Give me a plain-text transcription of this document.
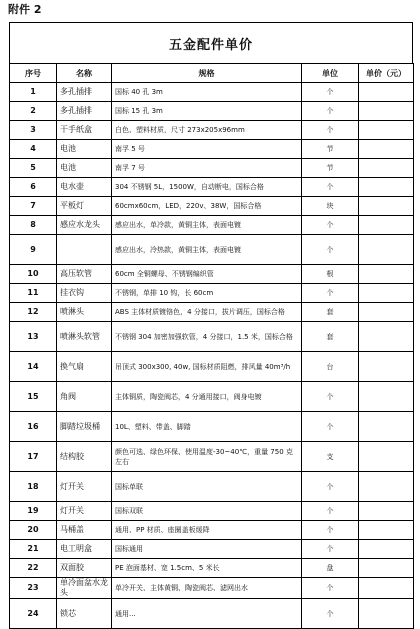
附件 2
五金配件单价
序号	名称	规格	单位	单价（元）
1	多孔插排	国标 40 孔 3m	个	
2	多孔插排	国标 15 孔 3m	个	
3	干手纸盒	白色、塑料材质，尺寸 273x205x96mm	个	
4	电池	南孚 5 号	节	
5	电池	南孚 7 号	节	
6	电水壶	304 不锈钢 5L，1500W，自动断电，国标合格	个	
7	平板灯	60cmx60cm，LED，220v、38W，国标合格	块	
8	感应水龙头	感应出水，单冷款，黄铜主体，表面电镀	个	
9		感应出水，冷热款，黄铜主体，表面电镀	个	
10	高压软管	60cm 全铜螺母、不锈钢编织管	根	
11	挂衣钩	不锈钢，单排 10 钩，长 60cm	个	
12	喷淋头	ABS 主体材质镀铬色，4 分接口，拔片调压，国标合格	套	
13	喷淋头软管	不锈钢 304 加密加强软管，4 分接口，1.5 米，国标合格	套	
14	换气扇	吊顶式 300x300, 40w, 国标材质阻燃，排风量 40m³/h	台	
15	角阀	主体铜质，陶瓷阀芯，4 分通用接口，阀身电镀	个	
16	脚踏垃圾桶	10L、塑料、带盖、脚踏	个	
17	结构胶	颜色可选、绿色环保、使用温度-30~40℃，重量 750 克左右	支	
18	灯开关	国标单联	个	
19	灯开关	国标双联	个	
20	马桶盖	通用、PP 材质、座圈盖板缓降	个	
21	电工明盒	国标通用	个	
22	双面胶	PE 泡面基材、宽 1.5cm、5 米长	盘	
23	单冷面盆水龙头	单冷开关、主体黄铜、陶瓷阀芯、滤网出水	个	
24	锁芯	通用...	个	
